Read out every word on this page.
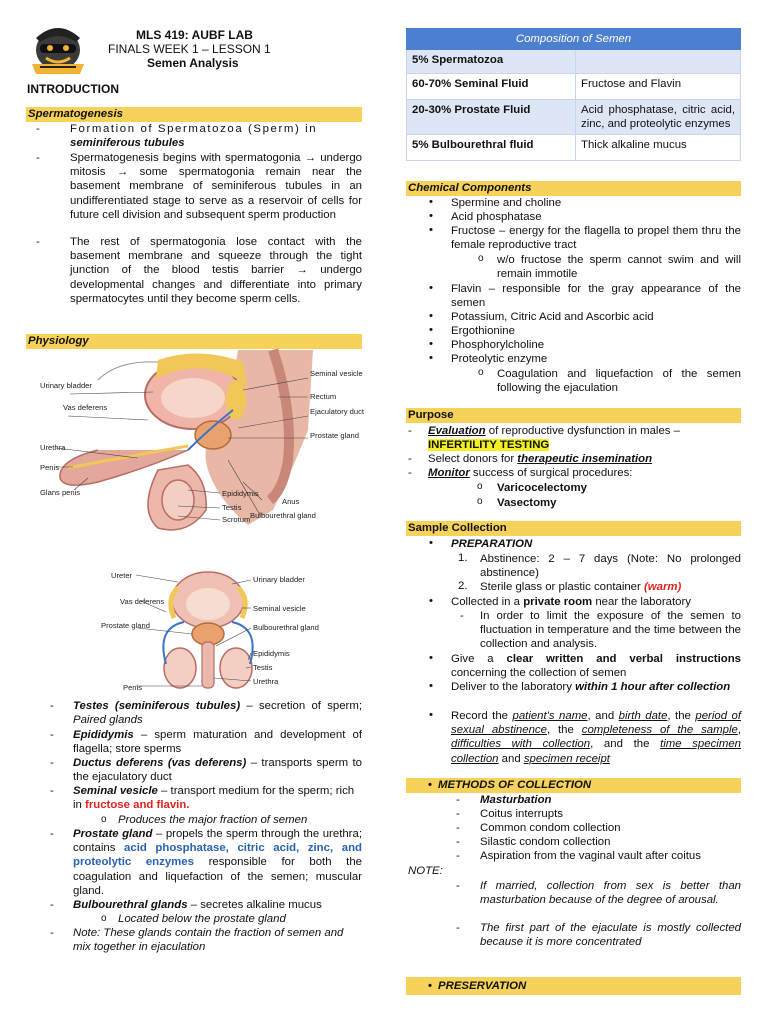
MLS 419: AUBF LAB
FINALS WEEK 1 – LESSON 1
Semen Analysis
INTRODUCTION
Spermatogenesis
-	Formation of Spermatozoa (Sperm) in
seminiferous tubules
-	Spermatogenesis begins with spermatogonia → undergo mitosis → some spermatogonia remain near the basement membrane of seminiferous tubules in an undifferentiated stage to serve as a reservoir of cells for future cell division and subsequent sperm production
-	The rest of spermatogonia lose contact with the basement membrane and squeeze through the tight junction of the blood testis barrier → undergo developmental changes and differentiate into primary spermatocytes until they become sperm cells.
Physiology
Urinary bladder
Vas deferens
Urethra
Penis
Glans penis
Seminal vesicle
Rectum
Ejaculatory duct
Prostate gland
Epididymis
Testis
Scrotum
Anus
Bulbourethral gland
Ureter
Vas deferens
Prostate gland
Penis
Urinary bladder
Seminal vesicle
Bulbourethral gland
Epididymis
Testis
Urethra
- Testes (seminiferous tubules) – secretion of sperm; Paired glands
- Epididymis – sperm maturation and development of flagella; store sperms
- Ductus deferens (vas deferens) – transports sperm to the ejaculatory duct
- Seminal vesicle – transport medium for the sperm; rich in fructose and flavin.
o Produces the major fraction of semen
- Prostate gland – propels the sperm through the urethra; contains acid phosphatase, citric acid, zinc, and proteolytic enzymes responsible for both the coagulation and liquefaction of the semen; muscular gland.
- Bulbourethral glands – secretes alkaline mucus
o Located below the prostate gland
- Note: These glands contain the fraction of semen and mix together in ejaculation
Composition of Semen	
5% Spermatozoa	
60-70% Seminal Fluid	Fructose and Flavin
20-30% Prostate Fluid	Acid phosphatase, citric acid, zinc, and proteolytic enzymes
5% Bulbourethral fluid	Thick alkaline mucus
Chemical Components
• Spermine and choline
• Acid phosphatase
• Fructose – energy for the flagella to propel them thru the female reproductive tract
o w/o fructose the sperm cannot swim and will remain immotile
• Flavin – responsible for the gray appearance of the semen
• Potassium, Citric Acid and Ascorbic acid
• Ergothionine
• Phosphorylcholine
• Proteolytic enzyme
o Coagulation and liquefaction of the semen following the ejaculation
Purpose
- Evaluation of reproductive dysfunction in males –
INFERTILITY TESTING
- Select donors for therapeutic insemination
- Monitor success of surgical procedures:
o Varicocelectomy
o Vasectomy
Sample Collection
• PREPARATION
1. Abstinence: 2 – 7 days (Note: No prolonged abstinence)
2. Sterile glass or plastic container (warm)
• Collected in a private room near the laboratory
- In order to limit the exposure of the semen to fluctuation in temperature and the time between the collection and analysis.
• Give a clear written and verbal instructions concerning the collection of semen
• Deliver to the laboratory within 1 hour after collection
• Record the patient's name, and birth date, the period of sexual abstinence, the completeness of the sample, difficulties with collection, and the time specimen collection and specimen receipt
• METHODS OF COLLECTION
- Masturbation
- Coitus interrupts
- Common condom collection
- Silastic condom collection
- Aspiration from the vaginal vault after coitus
NOTE:
- If married, collection from sex is better than masturbation because of the degree of arousal.
- The first part of the ejaculate is mostly collected because it is more concentrated
• PRESERVATION
